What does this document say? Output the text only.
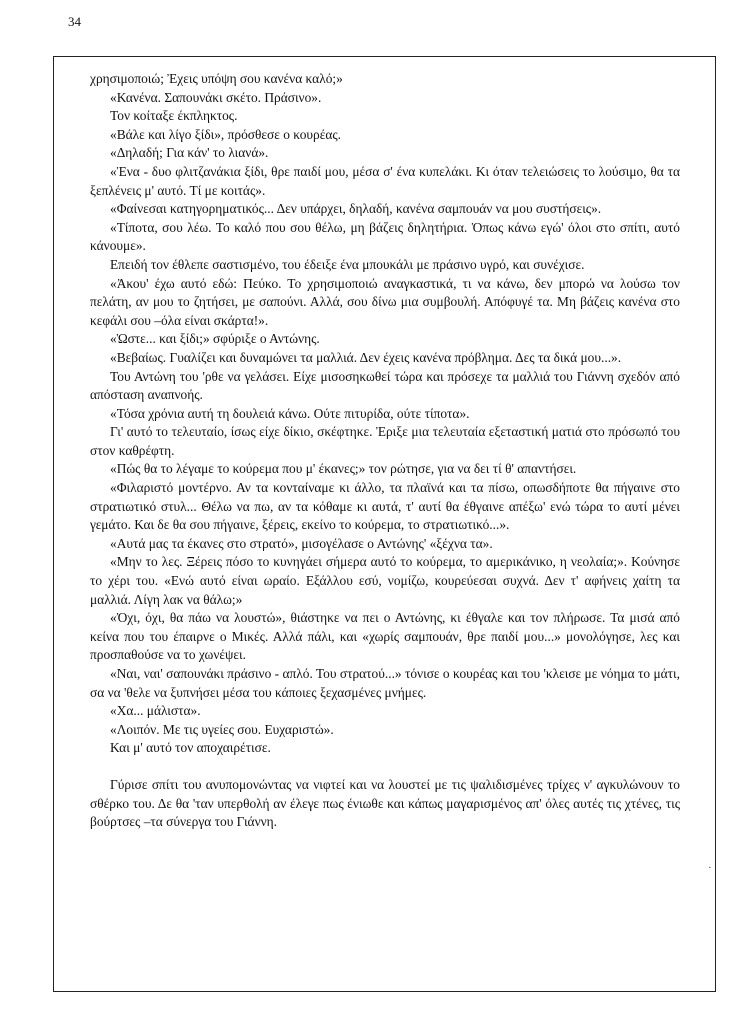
34

χρησιμοποιώ; Ἐχεις υπόψη σου κανένα καλό;»

«Κανένα. Σαπουνάκι σκέτο. Πράσινο».

Τον κοίταξε έκπληκτος.

«Βάλε και λίγο ξίδι», πρόσθεσε ο κουρέας.

«Δηλαδή; Για κάν' το λιανά».

«Ἐνα - δυο φλιτζανάκια ξίδι, θρε παιδί μου, μέσα σ' ένα κυπελάκι. Κι όταν τελειώσεις το λούσιμο, θα τα ξεπλένεις μ' αυτό. Τί με κοιτάς».

«Φαίνεσαι κατηγορηματικός... Δεν υπάρχει, δηλαδή, κανένα σαμπουάν να μου συστήσεις».

«Τίποτα, σου λέω. Το καλό που σου θέλω, μη βάζεις δηλητήρια. Ὁπως κάνω εγώ' όλοι στο σπίτι, αυτό κάνουμε».

Επειδή τον έθλεπε σαστισμένο, του έδειξε ένα μπουκάλι με πράσινο υγρό, και συνέχισε.

«Ἀκου' έχω αυτό εδώ: Πεύκο. Το χρησιμοποιώ αναγκαστικά, τι να κάνω, δεν μπορώ να λούσω τον πελάτη, αν μου το ζητήσει, με σαπούνι. Αλλά, σου δίνω μια συμβουλή. Απόφυγέ τα. Μη βάζεις κανένα στο κεφάλι σου –όλα είναι σκάρτα!».

«Ὡστε... και ξίδι;» σφύριξε ο Αντώνης.

«Βεβαίως. Γυαλίζει και δυναμώνει τα μαλλιά. Δεν έχεις κανένα πρόβλημα. Δες τα δικά μου...».

Του Αντώνη του 'ρθε να γελάσει. Είχε μισοσηκωθεί τώρα και πρόσεχε τα μαλλιά του Γιάννη σχεδόν από απόσταση αναπνοής.

«Τόσα χρόνια αυτή τη δουλειά κάνω. Ούτε πιτυρίδα, ούτε τίποτα».

Γι' αυτό το τελευταίο, ίσως είχε δίκιο, σκέφτηκε. Ἐριξε μια τελευταία εξεταστική ματιά στο πρόσωπό του στον καθρέφτη.

«Πώς θα το λέγαμε το κούρεμα που μ' έκανες;» τον ρώτησε, για να δει τί θ' απαντήσει.

«Φιλαριστό μοντέρνο. Αν τα κονταίναμε κι άλλο, τα πλαϊνά και τα πίσω, οπωσδήποτε θα πήγαινε στο στρατιωτικό στυλ... Θέλω να πω, αν τα κόθαμε κι αυτά, τ' αυτί θα έθγαινε απέξω' ενώ τώρα το αυτί μένει γεμάτο. Και δε θα σου πήγαινε, ξέρεις, εκείνο το κούρεμα, το στρατιωτικό...».

«Αυτά μας τα έκανες στο στρατό», μισογέλασε ο Αντώνης' «ξέχνα τα».

«Μην το λες. Ξέρεις πόσο το κυνηγάει σήμερα αυτό το κούρεμα, το αμερικάνικο, η νεολαία;». Κούνησε το χέρι του. «Ενώ αυτό είναι ωραίο. Εξάλλου εσύ, νομίζω, κουρεύεσαι συχνά. Δεν τ' αφήνεις χαίτη τα μαλλιά. Λίγη λακ να θάλω;»

«Ὀχι, όχι, θα πάω να λουστώ», θιάστηκε να πει ο Αντώνης, κι έθγαλε και τον πλήρωσε. Τα μισά από κείνα που του έπαιρνε ο Μικές. Αλλά πάλι, και «χωρίς σαμπουάν, θρε παιδί μου...» μονολόγησε, λες και προσπαθούσε να το χωνέψει.

«Ναι, ναι' σαπουνάκι πράσινο - απλό. Του στρατού...» τόνισε ο κουρέας και του 'κλεισε με νόημα το μάτι, σα να 'θελε να ξυπνήσει μέσα του κάποιες ξεχασμένες μνήμες.

«Χα... μάλιστα».

«Λοιπόν. Με τις υγείες σου. Ευχαριστώ».

Και μ' αυτό τον αποχαιρέτισε.

Γύρισε σπίτι του ανυπομονώντας να νιφτεί και να λουστεί με τις ψαλιδισμένες τρίχες ν' αγκυλώνουν το σθέρκο του. Δε θα 'ταν υπερθολή αν έλεγε πως ένιωθε και κάπως μαγαρισμένος απ' όλες αυτές τις χτένες, τις βούρτσες –τα σύνεργα του Γιάννη.

·
